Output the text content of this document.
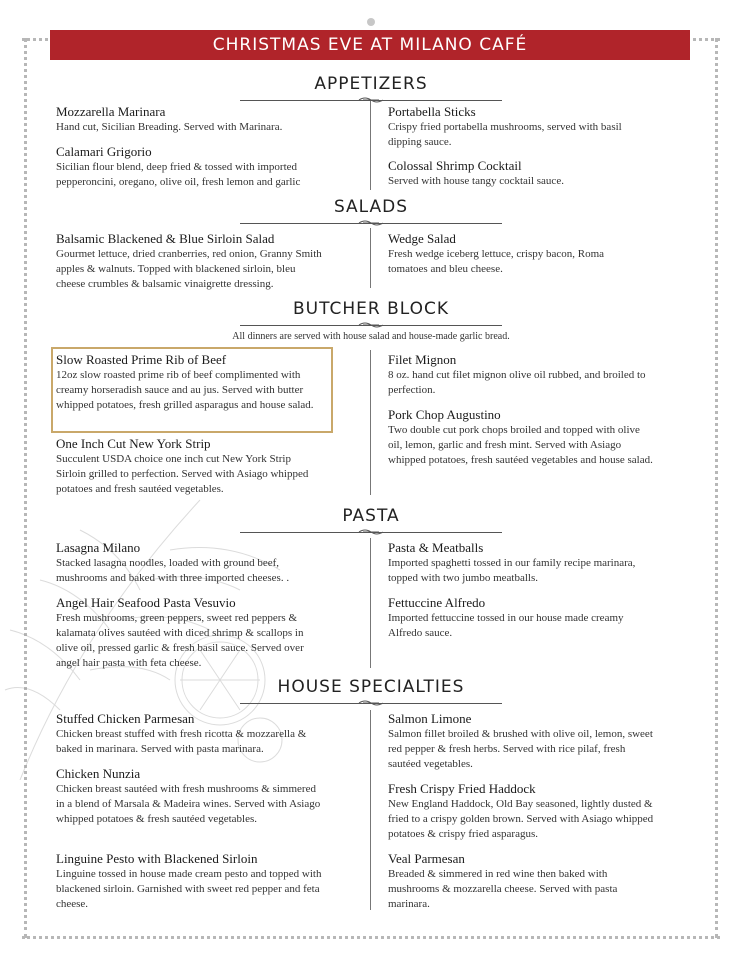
CHRISTMAS EVE AT MILANO CAFÉ
APPETIZERS
Mozzarella Marinara
Hand cut, Sicilian Breading. Served with Marinara.
Calamari Grigorio
Sicilian flour blend, deep fried & tossed with imported pepperoncini, oregano, olive oil, fresh lemon and garlic
Portabella Sticks
Crispy fried portabella mushrooms, served with basil dipping sauce.
Colossal Shrimp Cocktail
Served with house tangy cocktail sauce.
SALADS
Balsamic Blackened & Blue Sirloin Salad
Gourmet lettuce, dried cranberries, red onion, Granny Smith apples & walnuts. Topped with blackened sirloin, bleu cheese crumbles & balsamic vinaigrette dressing.
Wedge Salad
Fresh wedge iceberg lettuce, crispy bacon, Roma tomatoes and bleu cheese.
BUTCHER BLOCK
All dinners are served with house salad and house-made garlic bread.
Slow Roasted Prime Rib of Beef
12oz slow roasted prime rib of beef complimented with creamy horseradish sauce and au jus. Served with butter whipped potatoes, fresh grilled asparagus and house salad.
One Inch Cut New York Strip
Succulent USDA choice one inch cut New York Strip Sirloin grilled to perfection. Served with Asiago whipped potatoes and fresh sautéed vegetables.
Filet Mignon
8 oz. hand cut filet mignon olive oil rubbed, and broiled to perfection.
Pork Chop Augustino
Two double cut pork chops broiled and topped with olive oil, lemon, garlic and fresh mint. Served with Asiago whipped potatoes, fresh sautéed vegetables and house salad.
PASTA
Lasagna Milano
Stacked lasagna noodles, loaded with ground beef, mushrooms and baked with three imported cheeses. .
Angel Hair Seafood Pasta Vesuvio
Fresh mushrooms, green peppers, sweet red peppers & kalamata olives sautéed with diced shrimp & scallops in olive oil, pressed garlic & fresh basil sauce. Served over angel hair pasta with feta cheese.
Pasta & Meatballs
Imported spaghetti tossed in our family recipe marinara, topped with two jumbo meatballs.
Fettuccine Alfredo
Imported fettuccine tossed in our house made creamy Alfredo sauce.
HOUSE SPECIALTIES
Stuffed Chicken Parmesan
Chicken breast stuffed with fresh ricotta & mozzarella & baked in marinara. Served with pasta marinara.
Chicken Nunzia
Chicken breast sautéed with fresh mushrooms & simmered in a blend of Marsala & Madeira wines. Served with Asiago whipped potatoes & fresh sautéed vegetables.
Linguine Pesto with Blackened Sirloin
Linguine tossed in house made cream pesto and topped with blackened sirloin. Garnished with sweet red pepper and feta cheese.
Salmon Limone
Salmon fillet broiled & brushed with olive oil, lemon, sweet red pepper & fresh herbs. Served with rice pilaf, fresh sautéed vegetables.
Fresh Crispy Fried Haddock
New England Haddock, Old Bay seasoned, lightly dusted & fried to a crispy golden brown. Served with Asiago whipped potatoes & crispy fried asparagus.
Veal Parmesan
Breaded & simmered in red wine then baked with mushrooms & mozzarella cheese. Served with pasta marinara.
